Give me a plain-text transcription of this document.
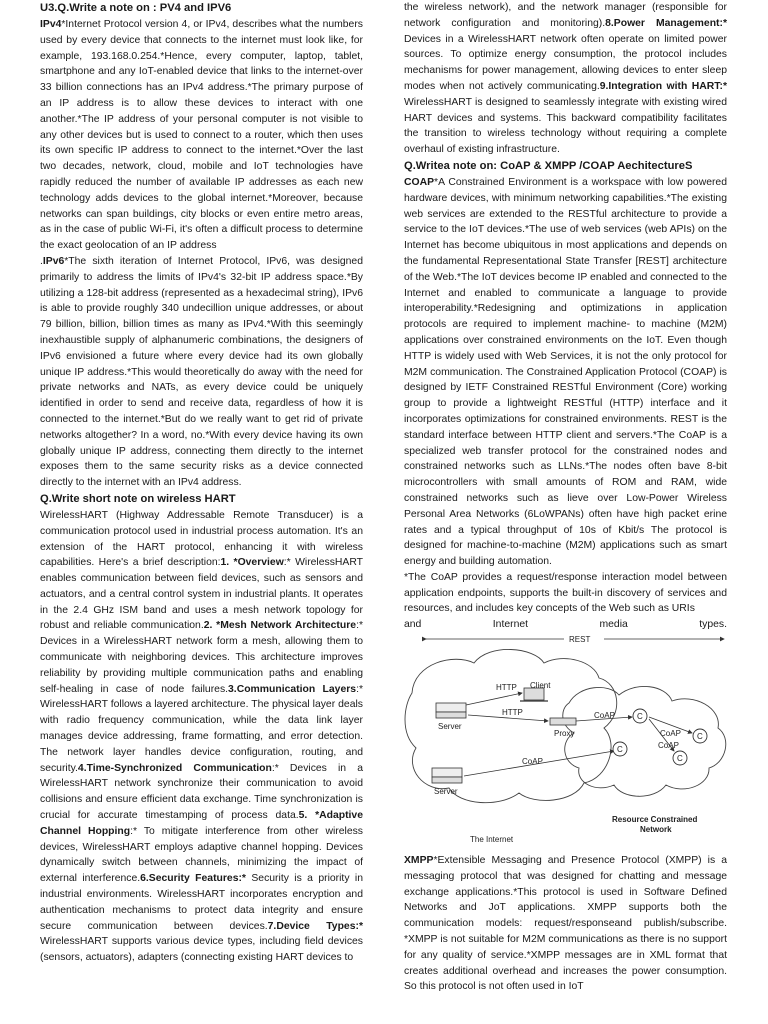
U3.Q.Write a note on : PV4 and IPV6

IPv4*Internet Protocol version 4, or IPv4, describes what the numbers used by every device that connects to the internet must look like, for example, 193.168.0.254.*Hence, every computer, laptop, tablet, smartphone and any IoT-enabled device that links to the internet-over 33 billion connections has an IPv4 address.*The primary purpose of an IP address is to allow these devices to interact with one another.*The IP address of your personal computer is not visible to any other devices but is used to connect to a router, which then uses its own specific IP address to connect to the internet.*Over the last two decades, network, cloud, mobile and IoT technologies have rapidly reduced the number of available IP addresses as each new technology adds devices to the global internet.*Moreover, because networks can span buildings, city blocks or even entire metro areas, as in the case of public Wi-Fi, it's often a difficult process to determine the exact geolocation of an IP address

.IPv6*The sixth iteration of Internet Protocol, IPv6, was designed primarily to address the limits of IPv4's 32-bit IP address space.*By utilizing a 128-bit address (represented as a hexadecimal string), IPv6 is able to provide roughly 340 undecillion unique addresses, or about 79 billion, billion, billion times as many as IPv4.*With this seemingly inexhaustible supply of alphanumeric combinations, the designers of IPv6 envisioned a future where every device had its own globally unique IP address.*This would theoretically do away with the need for private networks and NATs, as every device could be uniquely identified in order to send and receive data, regardless of how it is connected to the internet.*But do we really want to get rid of private networks altogether? In a word, no.*With every device having its own globally unique IP address, connecting them directly to the internet exposes them to the same security risks as a device connected directly to the internet with an IPv4 address.

Q.Write short note on wireless HART

WirelessHART (Highway Addressable Remote Transducer) is a communication protocol used in industrial process automation. It's an extension of the HART protocol, enhancing it with wireless capabilities. Here's a brief description:1. *Overview:* WirelessHART enables communication between field devices, such as sensors and actuators, and a central control system in industrial plants. It operates in the 2.4 GHz ISM band and uses a mesh network topology for robust and reliable communication.2. *Mesh Network Architecture:* Devices in a WirelessHART network form a mesh, allowing them to communicate with neighboring devices. This architecture improves reliability by providing multiple communication paths and enabling self-healing in case of node failures.3.Communication Layers:* WirelessHART follows a layered architecture. The physical layer deals with radio frequency communication, while the data link layer manages device addressing, frame formatting, and error detection. The network layer handles device configuration, routing, and security.4.Time-Synchronized Communication:* Devices in a WirelessHART network synchronize their communication to avoid collisions and ensure efficient data exchange. Time synchronization is crucial for accurate timestamping of process data.5. *Adaptive Channel Hopping:* To mitigate interference from other wireless devices, WirelessHART employs adaptive channel hopping. Devices dynamically switch between channels, minimizing the impact of external interference.6.Security Features:* Security is a priority in industrial environments. WirelessHART incorporates encryption and authentication mechanisms to protect data integrity and ensure secure communication between devices.7.Device Types:* WirelessHART supports various device types, including field devices (sensors, actuators), adapters (connecting existing HART devices to

the wireless network), and the network manager (responsible for network configuration and monitoring).8.Power Management:* Devices in a WirelessHART network often operate on limited power sources. To optimize energy consumption, the protocol includes mechanisms for power management, allowing devices to enter sleep modes when not actively communicating.9.Integration with HART:* WirelessHART is designed to seamlessly integrate with existing wired HART devices and systems. This backward compatibility facilitates the transition to wireless technology without requiring a complete overhaul of existing infrastructure.

Q.Writea note on: CoAP & XMPP /COAP AechitectureS

COAP*A Constrained Environment is a workspace with low powered hardware devices, with minimum networking capabilities.*The existing web services are extended to the RESTful architecture to provide a service to the IoT devices.*The use of web services (web APIs) on the Internet has become ubiquitous in most applications and depends on the fundamental Representational State Transfer [REST] architecture of the Web.*The IoT devices become IP enabled and connected to the Internet and enabled to communicate a language to provide interoperability.*Redesigning and optimizations in application protocols are required to implement machine- to machine (M2M) applications over constrained environments on the IoT. Even though HTTP is widely used with Web Services, it is not the only protocol for M2M communication. The Constrained Application Protocol (COAP) is designed by IETF Constrained RESTful Environment (Core) working group to provide a lightweight RESTful (HTTP) interface and it incorporates optimizations for constrained environments. REST is the standard interface between HTTP client and servers.*The CoAP is a specialized web transfer protocol for the constrained nodes and constrained networks such as LLNs.*The nodes often bave 8-bit microcontrollers with small amounts of ROM and RAM, wide constrained networks such as lieve over Low-Power Wireless Personal Area Networks (6LoWPANs) often have high packet erine rates and a typical throughput of 10s of Kbit/s The protocol is designed for machine-to-machine (M2M) applications such as smart energy and building automation.

*The CoAP provides a request/response interaction model between application endpoints, supports the built-in discovery of services and resources, and includes key concepts of the Web such as URIs

and	Internet	media	types.
REST
HTTP Client
HTTP
Server
Proxy
CoAP
CoAP
CoAP
CoAP
C
C
C
C
Server
Resource Constrained
Network
The Internet

XMPP*Extensible Messaging and Presence Protocol (XMPP) is a messaging protocol that was designed for chatting and message exchange applications.*This protocol is used in Software Defined Networks and JoT applications. XMPP supports both the communication models: request/responseand publish/subscribe. *XMPP is not suitable for M2M communications as there is no support for any quality of service.*XMPP messages are in XML format that creates additional overhead and increases the power consumption. So this protocol is not often used in IoT
